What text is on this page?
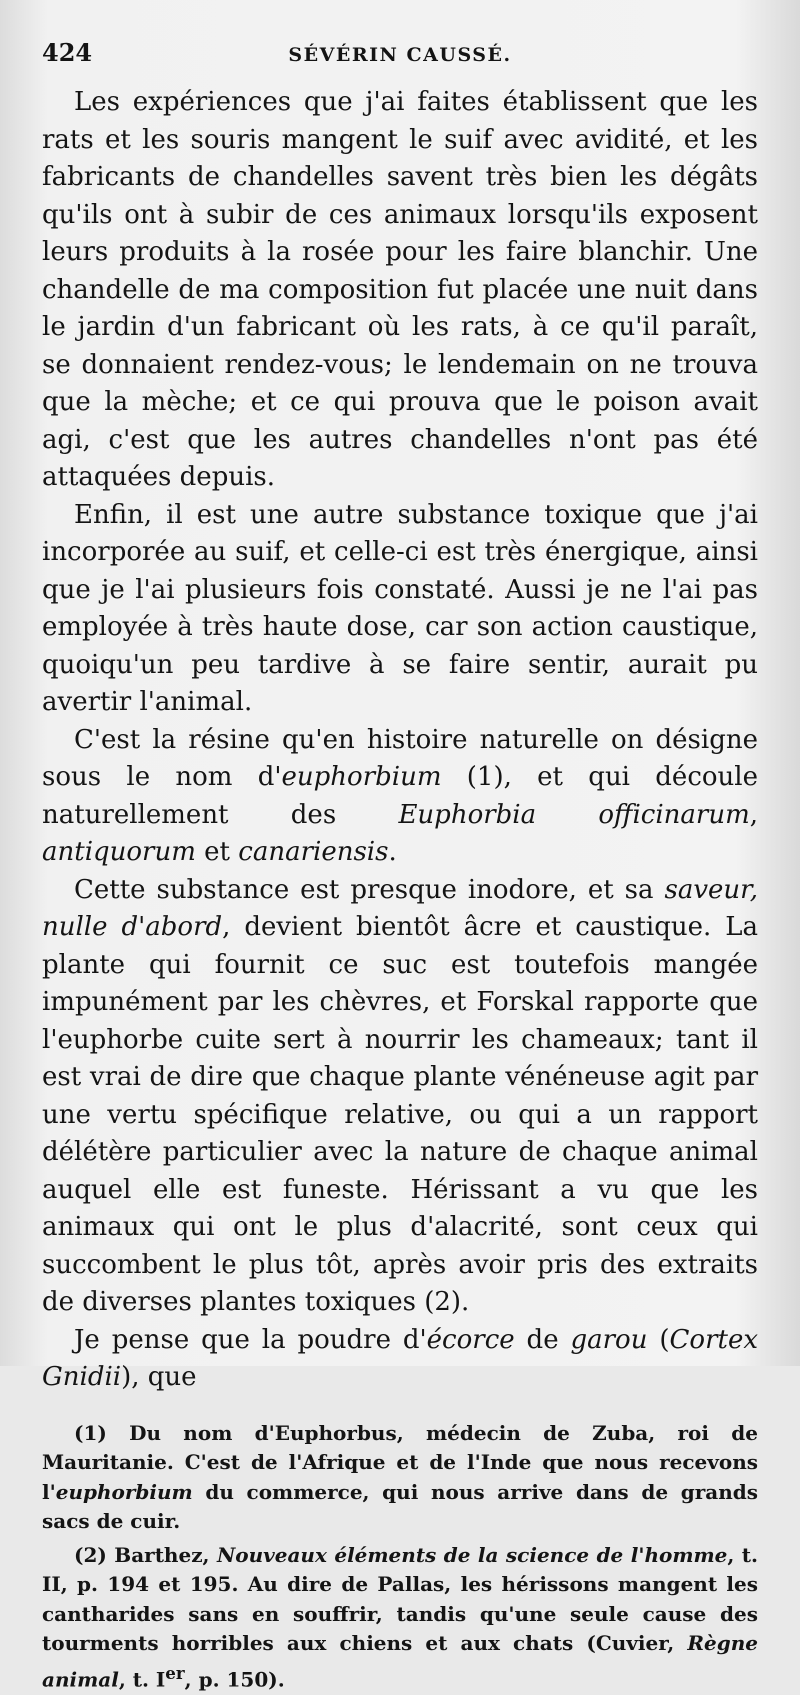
424	SÉVÉRIN CAUSSÉ.

Les expériences que j'ai faites établissent que les rats et les souris mangent le suif avec avidité, et les fabricants de chandelles savent très bien les dégâts qu'ils ont à subir de ces animaux lorsqu'ils exposent leurs produits à la rosée pour les faire blanchir. Une chandelle de ma composition fut placée une nuit dans le jardin d'un fabricant où les rats, à ce qu'il paraît, se donnaient rendez-vous; le lendemain on ne trouva que la mèche; et ce qui prouva que le poison avait agi, c'est que les autres chandelles n'ont pas été attaquées depuis.

Enfin, il est une autre substance toxique que j'ai incorporée au suif, et celle-ci est très énergique, ainsi que je l'ai plusieurs fois constaté. Aussi je ne l'ai pas employée à très haute dose, car son action caustique, quoiqu'un peu tardive à se faire sentir, aurait pu avertir l'animal.

C'est la résine qu'en histoire naturelle on désigne sous le nom d'euphorbium (1), et qui découle naturellement des Euphorbia officinarum, antiquorum et canariensis.

Cette substance est presque inodore, et sa saveur, nulle d'abord, devient bientôt âcre et caustique. La plante qui fournit ce suc est toutefois mangée impunément par les chèvres, et Forskal rapporte que l'euphorbe cuite sert à nourrir les chameaux; tant il est vrai de dire que chaque plante vénéneuse agit par une vertu spécifique relative, ou qui a un rapport délétère particulier avec la nature de chaque animal auquel elle est funeste. Hérissant a vu que les animaux qui ont le plus d'alacrité, sont ceux qui succombent le plus tôt, après avoir pris des extraits de diverses plantes toxiques (2).

Je pense que la poudre d'écorce de garou (Cortex Gnidii), que

(1) Du nom d'Euphorbus, médecin de Zuba, roi de Mauritanie. C'est de l'Afrique et de l'Inde que nous recevons l'euphorbium du commerce, qui nous arrive dans de grands sacs de cuir.

(2) Barthez, Nouveaux éléments de la science de l'homme, t. II, p. 194 et 195. Au dire de Pallas, les hérissons mangent les cantharides sans en souffrir, tandis qu'une seule cause des tourments horribles aux chiens et aux chats (Cuvier, Règne animal, t. Ier, p. 150).
